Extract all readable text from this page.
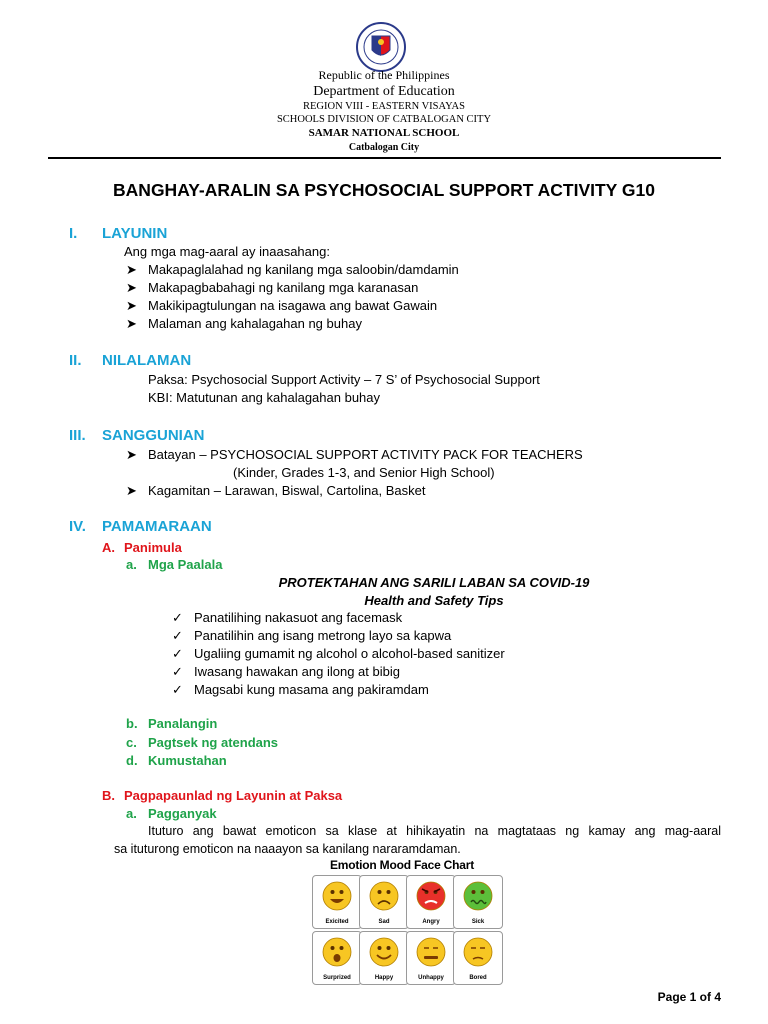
Republic of the Philippines
Department of Education
REGION VIII - EASTERN VISAYAS
SCHOOLS DIVISION OF CATBALOGAN CITY
SAMAR NATIONAL SCHOOL
Catbalogan City
BANGHAY-ARALIN SA PSYCHOSOCIAL SUPPORT ACTIVITY G10
I. LAYUNIN
Ang mga mag-aaral ay inaasahang:
➤ Makapaglalahad ng kanilang mga saloobin/damdamin
➤ Makapagbabahagi ng kanilang mga karanasan
➤ Makikipagtulungan na isagawa ang bawat Gawain
➤ Malaman ang kahalagahan ng buhay
II. NILALAMAN
Paksa: Psychosocial Support Activity – 7 S’ of Psychosocial Support
KBI: Matutunan ang kahalagahan buhay
III. SANGGUNIAN
➤ Batayan – PSYCHOSOCIAL SUPPORT ACTIVITY PACK FOR TEACHERS
(Kinder, Grades 1-3, and Senior High School)
➤ Kagamitan – Larawan, Biswal, Cartolina, Basket
IV. PAMAMARAAN
A. Panimula
a. Mga Paalala
PROTEKTAHAN ANG SARILI LABAN SA COVID-19
Health and Safety Tips
✓ Panatilihing nakasuot ang facemask
✓ Panatilihin ang isang metrong layo sa kapwa
✓ Ugaliing gumamit ng alcohol o alcohol-based sanitizer
✓ Iwasang hawakan ang ilong at bibig
✓ Magsabi kung masama ang pakiramdam
b. Panalangin
c. Pagtsek ng atendans
d. Kumustahan
B. Pagpapaunlad ng Layunin at Paksa
a. Pagganyak
Ituturo ang bawat emoticon sa klase at hihikayatin na magtataas ng kamay ang mag-aaral
sa ituturong emoticon na naaayon sa kanilang nararamdaman.
Emotion Mood Face Chart
Exicited	Sad	Angry	Sick
Surprized	Happy	Unhappy	Bored
Page 1 of 4
